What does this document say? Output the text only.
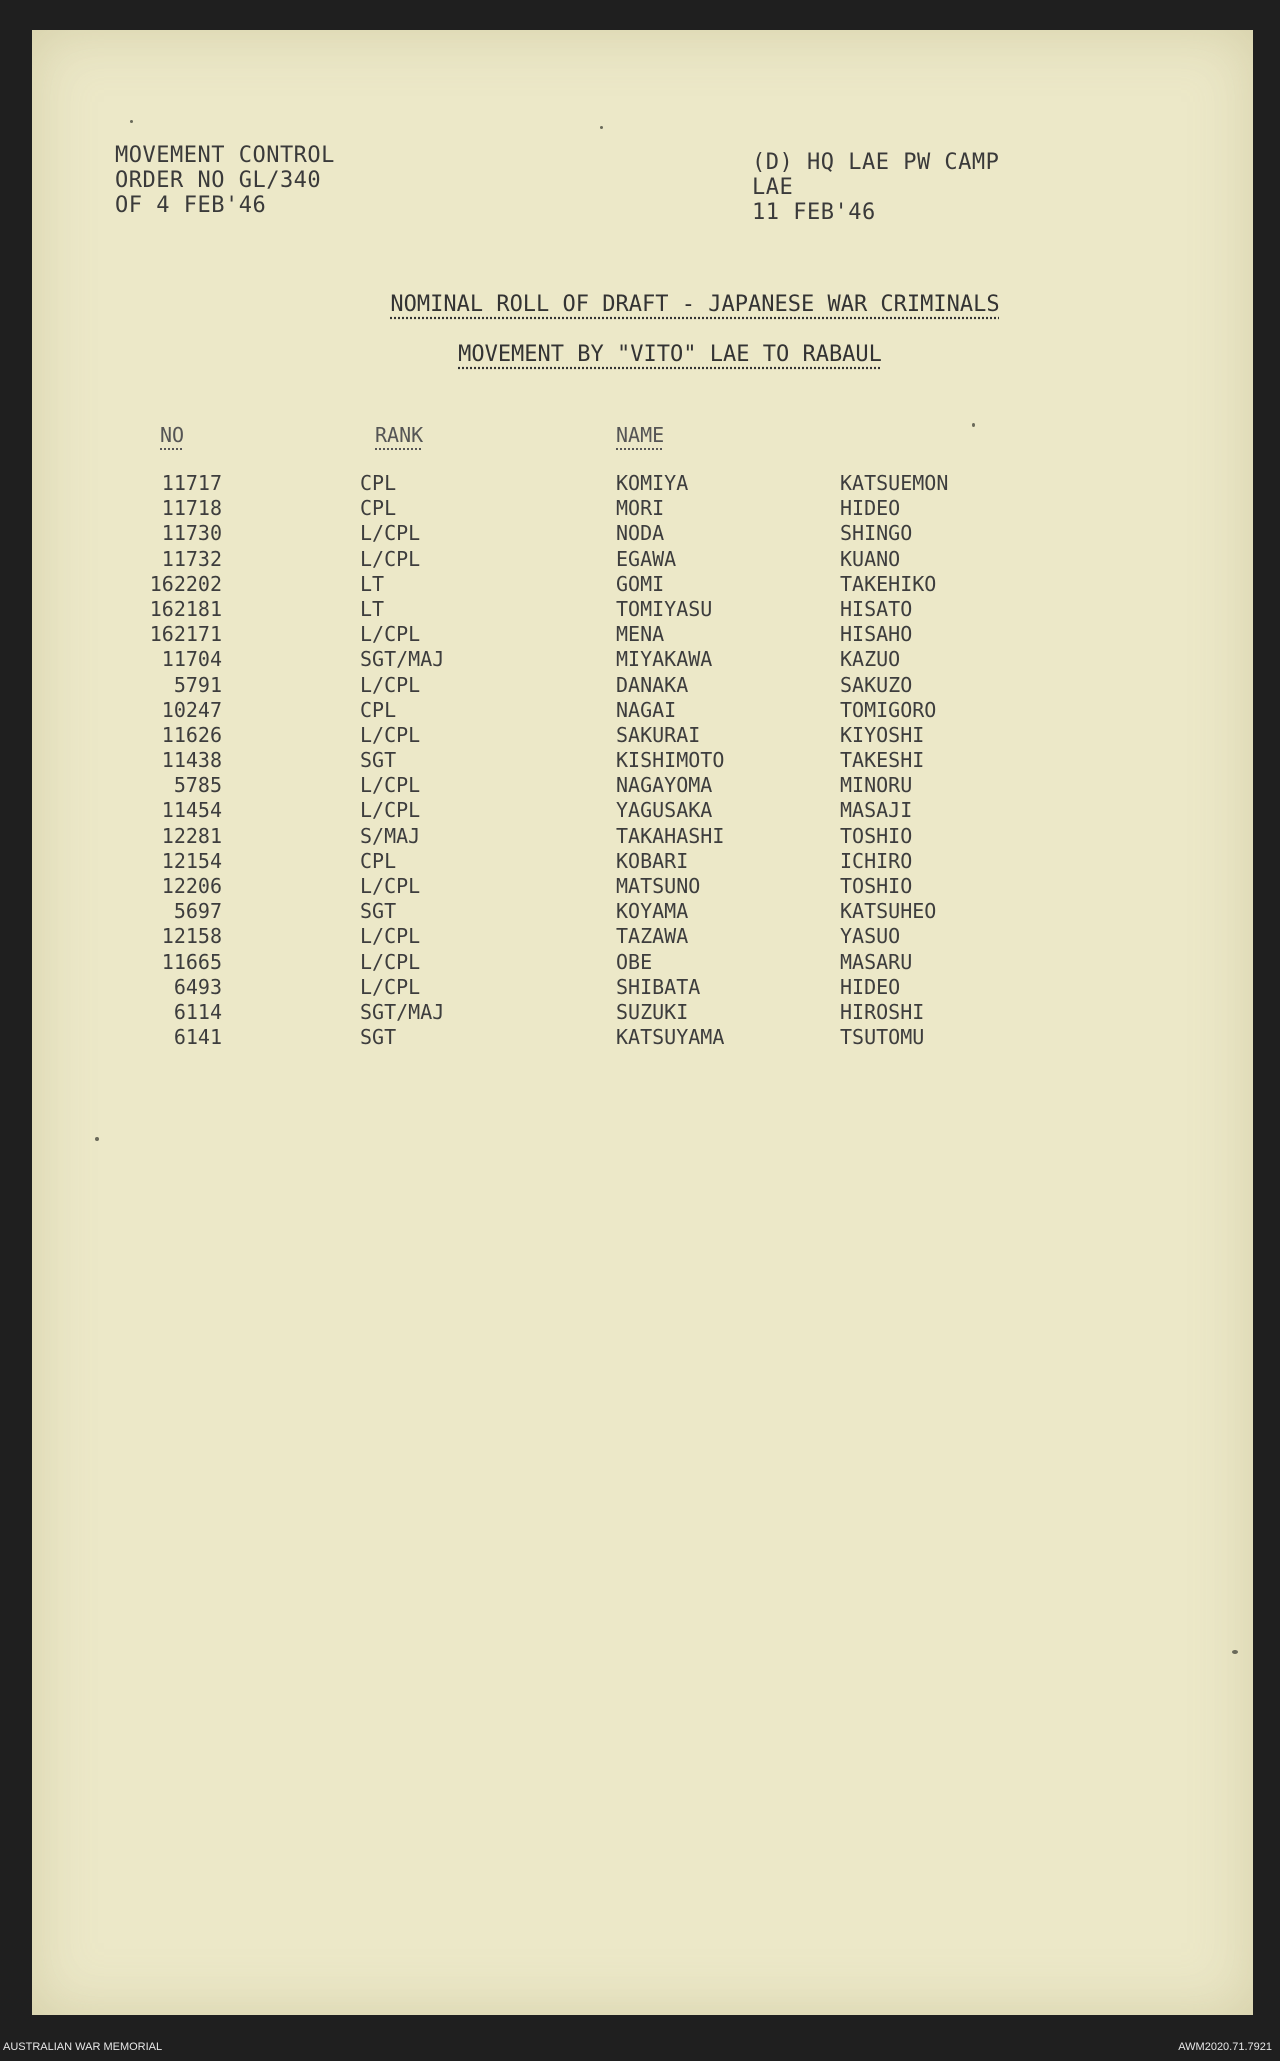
MOVEMENT CONTROL
ORDER NO GL/340
OF 4 FEB'46
(D) HQ LAE PW CAMP
LAE
11 FEB'46
NOMINAL ROLL OF DRAFT - JAPANESE WAR CRIMINALS
MOVEMENT BY "VITO" LAE TO RABAUL
NO	RANK	NAME
11717	CPL	KOMIYA	KATSUEMON
11718	CPL	MORI	HIDEO
11730	L/CPL	NODA	SHINGO
11732	L/CPL	EGAWA	KUANO
162202	LT	GOMI	TAKEHIKO
162181	LT	TOMIYASU	HISATO
162171	L/CPL	MENA	HISAHO
11704	SGT/MAJ	MIYAKAWA	KAZUO
5791	L/CPL	DANAKA	SAKUZO
10247	CPL	NAGAI	TOMIGORO
11626	L/CPL	SAKURAI	KIYOSHI
11438	SGT	KISHIMOTO	TAKESHI
5785	L/CPL	NAGAYOMA	MINORU
11454	L/CPL	YAGUSAKA	MASAJI
12281	S/MAJ	TAKAHASHI	TOSHIO
12154	CPL	KOBARI	ICHIRO
12206	L/CPL	MATSUNO	TOSHIO
5697	SGT	KOYAMA	KATSUHEO
12158	L/CPL	TAZAWA	YASUO
11665	L/CPL	OBE	MASARU
6493	L/CPL	SHIBATA	HIDEO
6114	SGT/MAJ	SUZUKI	HIROSHI
6141	SGT	KATSUYAMA	TSUTOMU
AUSTRALIAN WAR MEMORIAL	AWM2020.71.7921
